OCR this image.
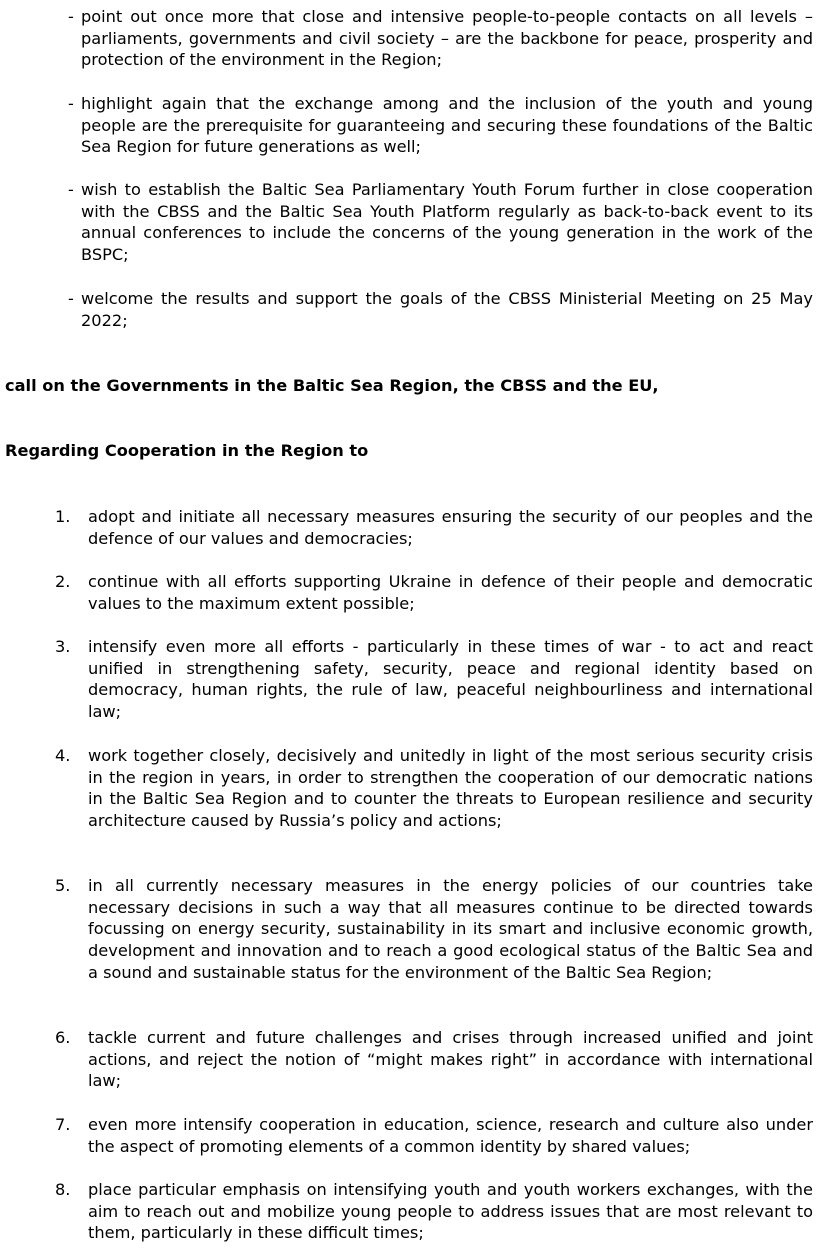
- point out once more that close and intensive people-to-people contacts on all levels – parliaments, governments and civil society – are the backbone for peace, prosperity and protection of the environment in the Region;
- highlight again that the exchange among and the inclusion of the youth and young people are the prerequisite for guaranteeing and securing these foundations of the Baltic Sea Region for future generations as well;
- wish to establish the Baltic Sea Parliamentary Youth Forum further in close cooperation with the CBSS and the Baltic Sea Youth Platform regularly as back-to-back event to its annual conferences to include the concerns of the young generation in the work of the BSPC;
- welcome the results and support the goals of the CBSS Ministerial Meeting on 25 May 2022;
call on the Governments in the Baltic Sea Region, the CBSS and the EU,
Regarding Cooperation in the Region to
1. adopt and initiate all necessary measures ensuring the security of our peoples and the defence of our values and democracies;
2. continue with all efforts supporting Ukraine in defence of their people and democratic values to the maximum extent possible;
3. intensify even more all efforts - particularly in these times of war - to act and react unified in strengthening safety, security, peace and regional identity based on democracy, human rights, the rule of law, peaceful neighbourliness and international law;
4. work together closely, decisively and unitedly in light of the most serious security crisis in the region in years, in order to strengthen the cooperation of our democratic nations in the Baltic Sea Region and to counter the threats to European resilience and security architecture caused by Russia’s policy and actions;
5. in all currently necessary measures in the energy policies of our countries take necessary decisions in such a way that all measures continue to be directed towards focussing on energy security, sustainability in its smart and inclusive economic growth, development and innovation and to reach a good ecological status of the Baltic Sea and a sound and sustainable status for the environment of the Baltic Sea Region;
6. tackle current and future challenges and crises through increased unified and joint actions, and reject the notion of “might makes right” in accordance with international law;
7. even more intensify cooperation in education, science, research and culture also under the aspect of promoting elements of a common identity by shared values;
8. place particular emphasis on intensifying youth and youth workers exchanges, with the aim to reach out and mobilize young people to address issues that are most relevant to them, particularly in these difficult times;
